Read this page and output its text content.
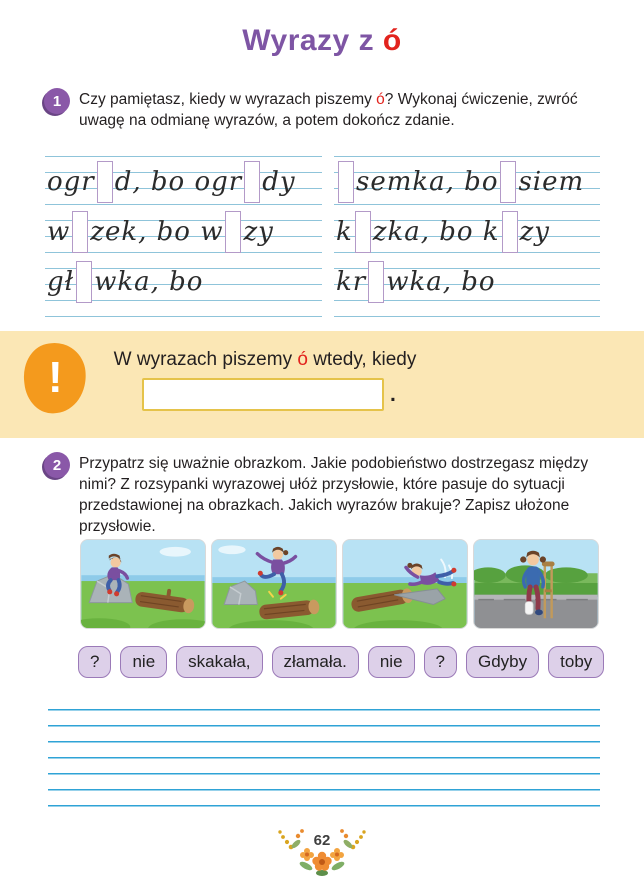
Wyrazy z ó
1	Czy pamiętasz, kiedy w wyrazach piszemy ó? Wykonaj ćwiczenie, zwróć uwagę na odmianę wyrazów, a potem dokończ zdanie.

ogr d, bo ogr dy
w zek, bo w zy
gł wka, bo
semka, bo siem
k zka, bo k zy
kr wka, bo
!	W wyrazach piszemy ó wtedy, kiedy

.
2	Przypatrz się uważnie obrazkom. Jakie podobieństwo dostrzegasz między nimi? Z rozsypanki wyrazowej ułóż przysłowie, które pasuje do sytuacji przedstawionej na obrazkach. Jakich wyrazów brakuje? Zapisz ułożone przysłowie.

?	nie	skakała,	złamała.	nie	?	Gdyby	toby
62
